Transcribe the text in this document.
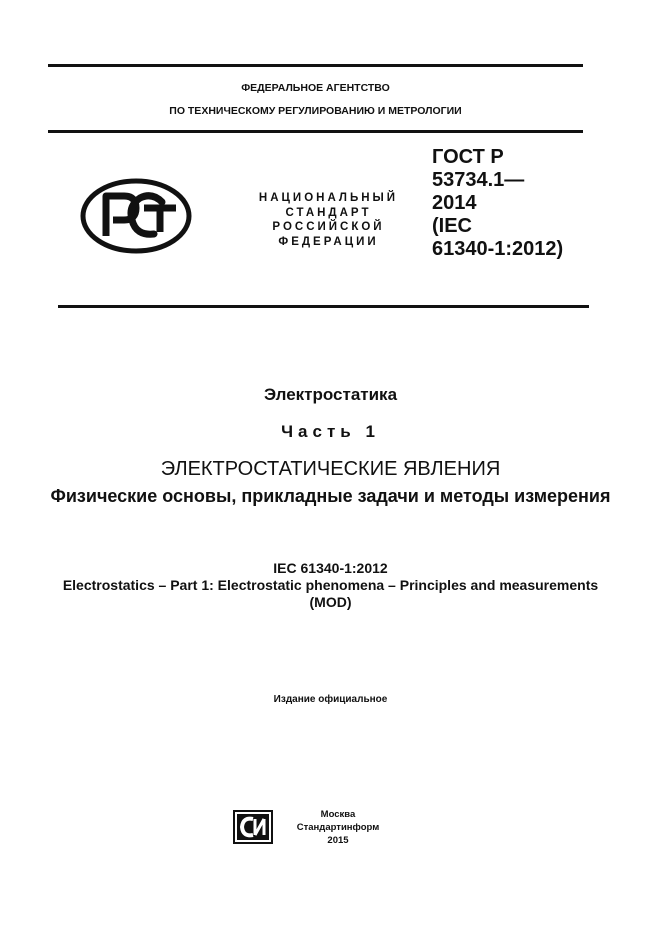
ФЕДЕРАЛЬНОЕ АГЕНТСТВО
ПО ТЕХНИЧЕСКОМУ РЕГУЛИРОВАНИЮ И МЕТРОЛОГИИ
НАЦИОНАЛЬНЫЙ
СТАНДАРТ
РОССИЙСКОЙ
ФЕДЕРАЦИИ
ГОСТ Р
53734.1—
2014
(IEC
61340-1:2012)
Электростатика
Часть 1
ЭЛЕКТРОСТАТИЧЕСКИЕ ЯВЛЕНИЯ
Физические основы, прикладные задачи и методы измерения
IEC 61340-1:2012
Electrostatics – Part 1: Electrostatic phenomena – Principles and measurements
(MOD)
Издание официальное
Москва
Стандартинформ
2015
